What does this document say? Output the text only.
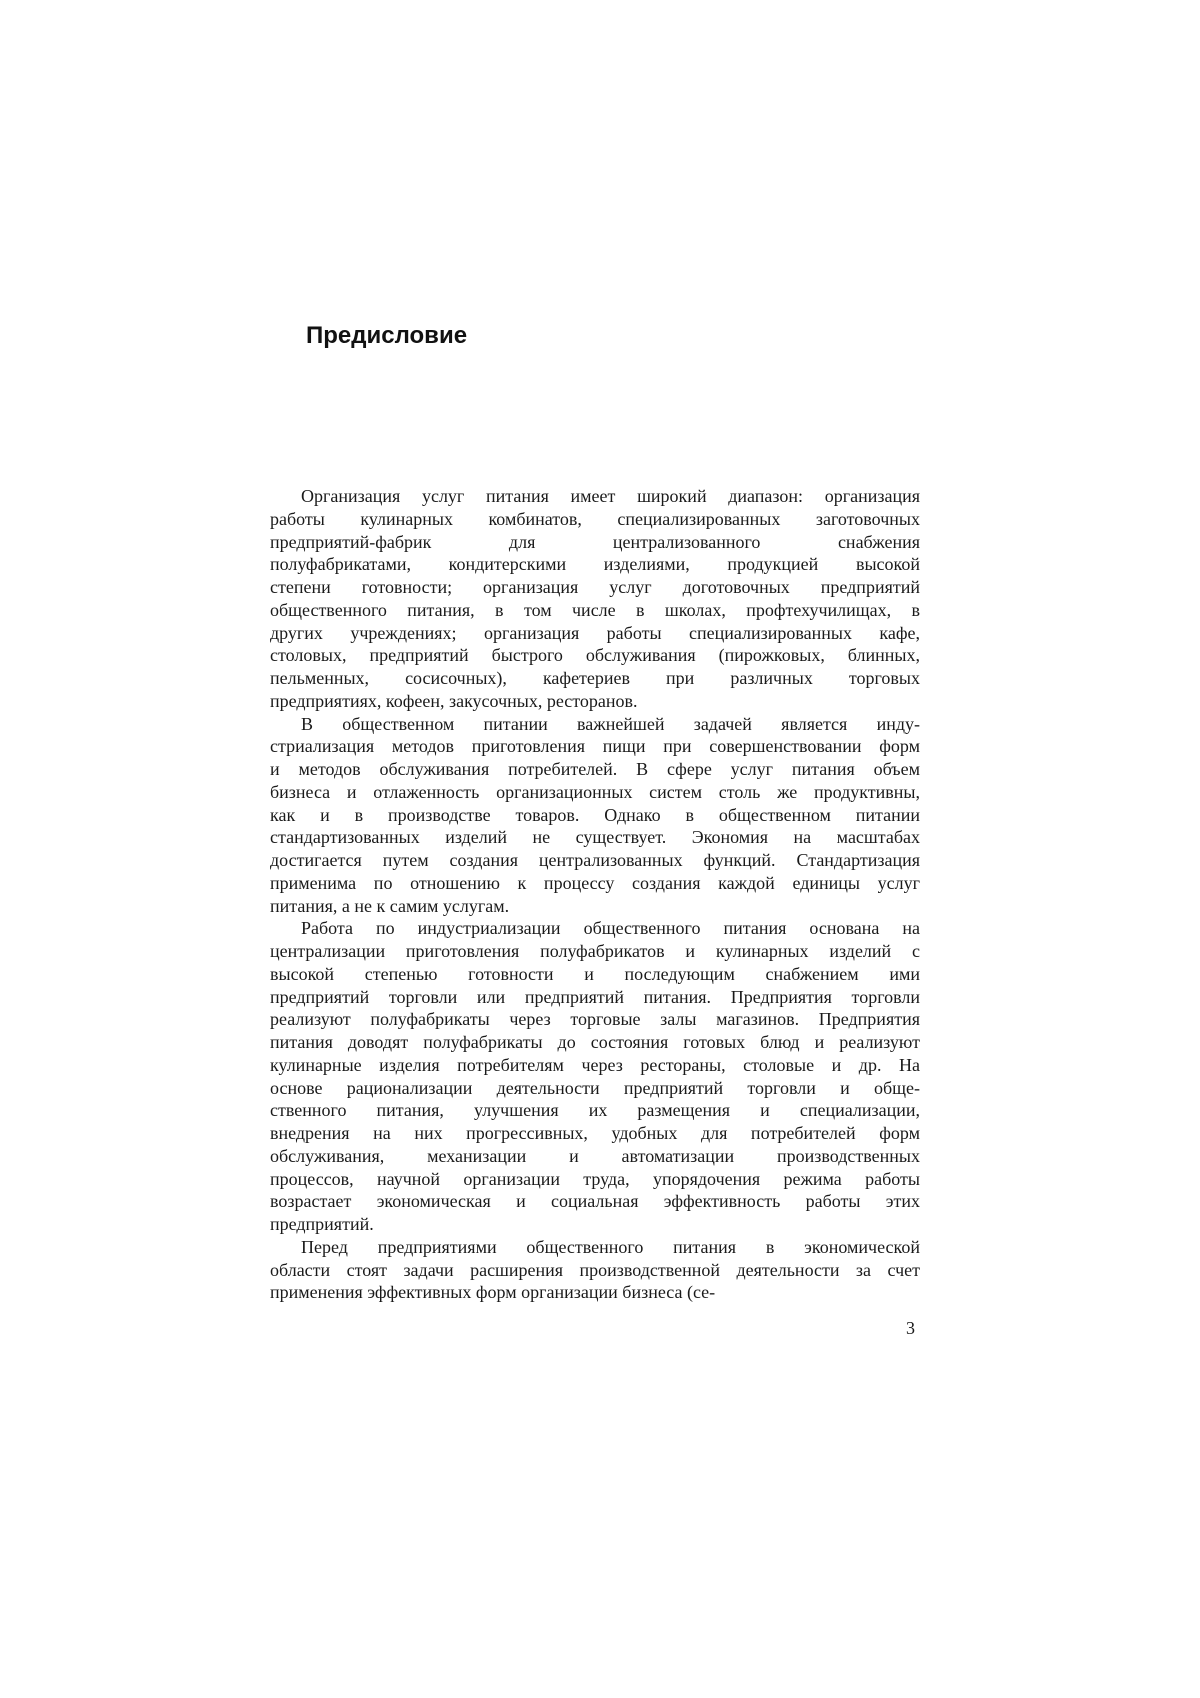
Предисловие
Организация услуг питания имеет широкий диапазон: организация
работы кулинарных комбинатов, специализированных заготовочных
предприятий-фабрик для централизованного снабжения
полуфабрикатами, кондитерскими изделиями, продукцией высокой
степени готовности; организация услуг доготовочных предприятий
общественного питания, в том числе в школах, профтехучилищах, в
других учреждениях; организация работы специализированных кафе,
столовых, предприятий быстрого обслуживания (пирожковых, блинных,
пельменных, сосисочных), кафетериев при различных торговых
предприятиях, кофеен, закусочных, ресторанов.
В общественном питании важнейшей задачей является инду-
стриализация методов приготовления пищи при совершенствовании форм
и методов обслуживания потребителей. В сфере услуг питания объем
бизнеса и отлаженность организационных систем столь же продуктивны,
как и в производстве товаров. Однако в общественном питании
стандартизованных изделий не существует. Экономия на масштабах
достигается путем создания централизованных функций. Стандартизация
применима по отношению к процессу создания каждой единицы услуг
питания, а не к самим услугам.
Работа по индустриализации общественного питания основана на
централизации приготовления полуфабрикатов и кулинарных изделий с
высокой степенью готовности и последующим снабжением ими
предприятий торговли или предприятий питания. Предприятия торговли
реализуют полуфабрикаты через торговые залы магазинов. Предприятия
питания доводят полуфабрикаты до состояния готовых блюд и реализуют
кулинарные изделия потребителям через рестораны, столовые и др. На
основе рационализации деятельности предприятий торговли и обще-
ственного питания, улучшения их размещения и специализации,
внедрения на них прогрессивных, удобных для потребителей форм
обслуживания, механизации и автоматизации производственных
процессов, научной организации труда, упорядочения режима работы
возрастает экономическая и социальная эффективность работы этих
предприятий.
Перед предприятиями общественного питания в экономической
области стоят задачи расширения производственной деятельности за счет
применения эффективных форм организации бизнеса (се-
3
